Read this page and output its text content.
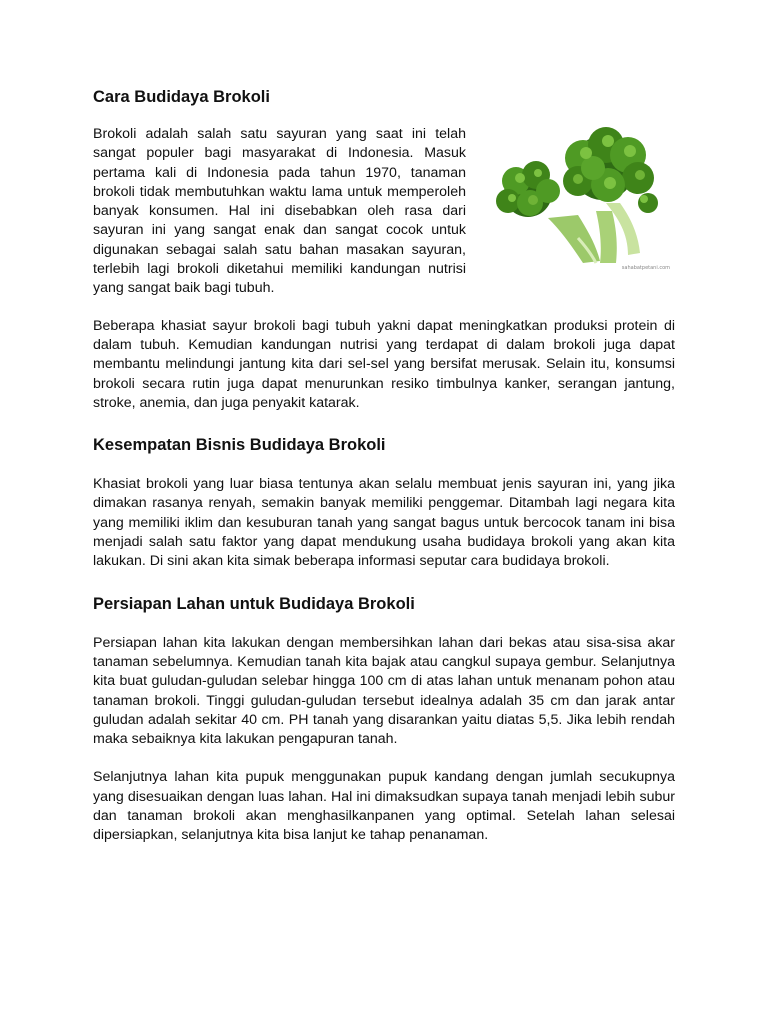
Cara Budidaya Brokoli
sahabatpetani.com

Brokoli adalah salah satu sayuran yang saat ini telah sangat populer bagi masyarakat di Indonesia. Masuk pertama kali di Indonesia pada tahun 1970, tanaman brokoli tidak membutuhkan waktu lama untuk memperoleh banyak konsumen. Hal ini disebabkan oleh rasa dari sayuran ini yang sangat enak dan sangat cocok untuk digunakan sebagai salah satu bahan masakan sayuran, terlebih lagi brokoli diketahui memiliki kandungan nutrisi yang sangat baik bagi tubuh.

Beberapa khasiat sayur brokoli bagi tubuh yakni dapat meningkatkan produksi protein di dalam tubuh. Kemudian kandungan nutrisi yang terdapat di dalam brokoli juga dapat membantu melindungi jantung kita dari sel-sel yang bersifat merusak. Selain itu, konsumsi brokoli secara rutin juga dapat menurunkan resiko timbulnya kanker, serangan jantung, stroke, anemia, dan juga penyakit katarak.

Kesempatan Bisnis Budidaya Brokoli

Khasiat brokoli yang luar biasa tentunya akan selalu membuat jenis sayuran ini, yang jika dimakan rasanya renyah, semakin banyak memiliki penggemar. Ditambah lagi negara kita yang memiliki iklim dan kesuburan tanah yang sangat bagus untuk bercocok tanam ini bisa menjadi salah satu faktor yang dapat mendukung usaha budidaya brokoli yang akan kita lakukan. Di sini akan kita simak beberapa informasi seputar cara budidaya brokoli.

Persiapan Lahan untuk Budidaya Brokoli

Persiapan lahan kita lakukan dengan membersihkan lahan dari bekas atau sisa-sisa akar tanaman sebelumnya. Kemudian tanah kita bajak atau cangkul supaya gembur. Selanjutnya kita buat guludan-guludan selebar hingga 100 cm di atas lahan untuk menanam pohon atau tanaman brokoli. Tinggi guludan-guludan tersebut idealnya adalah 35 cm dan jarak antar guludan adalah sekitar 40 cm. PH tanah yang disarankan yaitu diatas 5,5. Jika lebih rendah maka sebaiknya kita lakukan pengapuran tanah.

Selanjutnya lahan kita pupuk menggunakan pupuk kandang dengan jumlah secukupnya yang disesuaikan dengan luas lahan. Hal ini dimaksudkan supaya tanah menjadi lebih subur dan tanaman brokoli akan menghasilkanpanen yang optimal. Setelah lahan selesai dipersiapkan, selanjutnya kita bisa lanjut ke tahap penanaman.
